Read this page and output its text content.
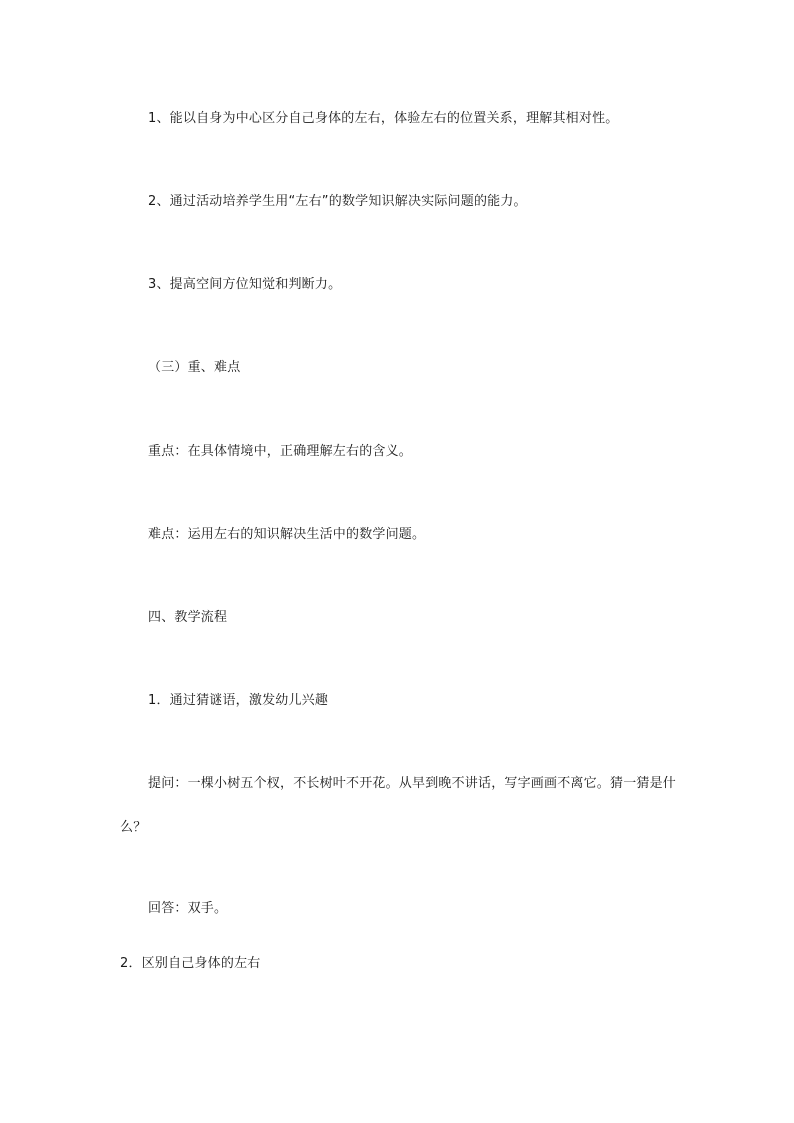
1、能以自身为中心区分自己身体的左右，体验左右的位置关系，理解其相对性。
2、通过活动培养学生用“左右”的数学知识解决实际问题的能力。
3、提高空间方位知觉和判断力。
（三）重、难点
重点：在具体情境中，正确理解左右的含义。
难点：运用左右的知识解决生活中的数学问题。
四、教学流程
1．通过猜谜语，激发幼儿兴趣
提问：一棵小树五个杈，不长树叶不开花。从早到晚不讲话，写字画画不离它。猜一猜是什么？
回答：双手。
2．区别自己身体的左右
